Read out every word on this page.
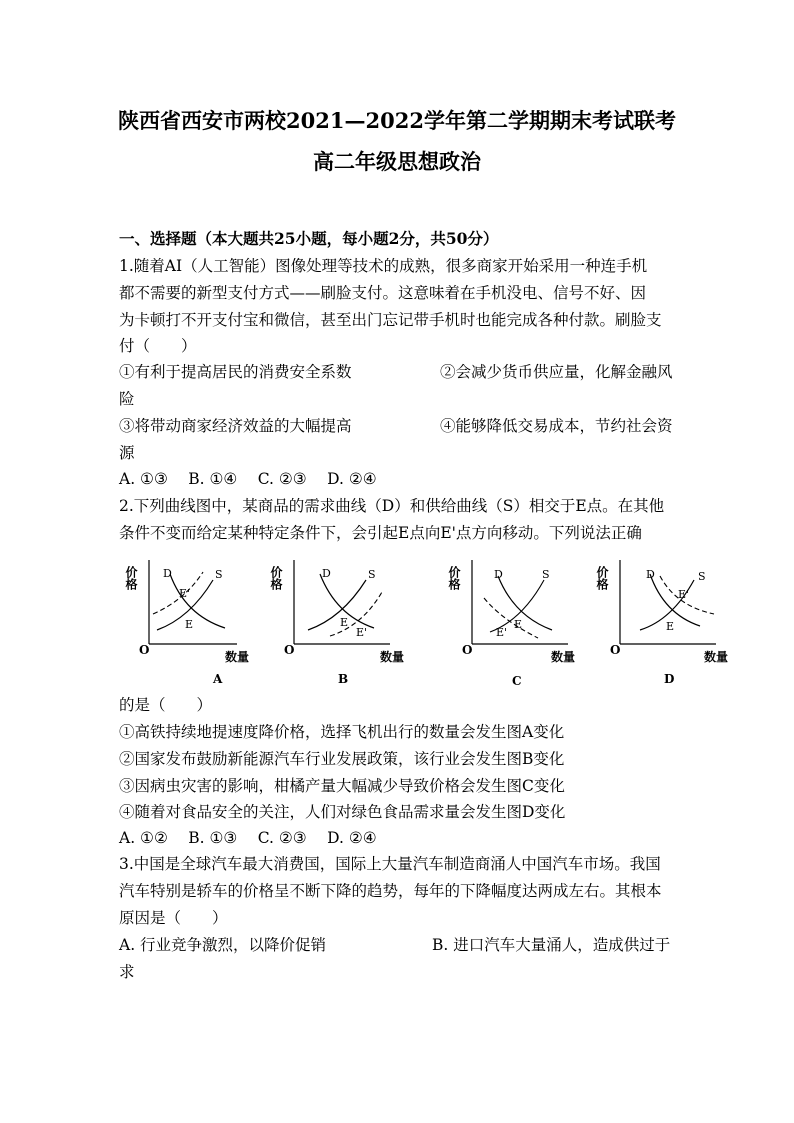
陕西省西安市两校2021—2022学年第二学期期末考试联考
高二年级思想政治
一、选择题（本大题共25小题，每小题2分，共50分）
1.随着AI（人工智能）图像处理等技术的成熟，很多商家开始采用一种连手机
都不需要的新型支付方式——刷脸支付。这意味着在手机没电、信号不好、因
为卡顿打不开支付宝和微信，甚至出门忘记带手机时也能完成各种付款。刷脸支
付（　　）
①有利于提高居民的消费安全系数	②会减少货币供应量，化解金融风
险
③将带动商家经济效益的大幅提高	④能够降低交易成本，节约社会资
源
A. ①③　 B. ①④　 C. ②③　 D. ②④
2.下列曲线图中，某商品的需求曲线（D）和供给曲线（S）相交于E点。在其他
条件不变而给定某种特定条件下，会引起E点向E'点方向移动。下列说法正确
价格
O	数量
D	S
E'
E
A
价格
O	数量
D	S
E
E'
B
价格
O	数量
D	S
E
E'
C
价格
O	数量
D	S
E'
E
D
的是（　　）
①高铁持续地提速度降价格，选择飞机出行的数量会发生图A变化
②国家发布鼓励新能源汽车行业发展政策，该行业会发生图B变化
③因病虫灾害的影响，柑橘产量大幅减少导致价格会发生图C变化
④随着对食品安全的关注，人们对绿色食品需求量会发生图D变化
A. ①②　 B. ①③　 C. ②③　 D. ②④
3.中国是全球汽车最大消费国，国际上大量汽车制造商涌人中国汽车市场。我国
汽车特别是轿车的价格呈不断下降的趋势，每年的下降幅度达两成左右。其根本
原因是（　　）
A. 行业竞争激烈，以降价促销	B. 进口汽车大量涌人，造成供过于
求
